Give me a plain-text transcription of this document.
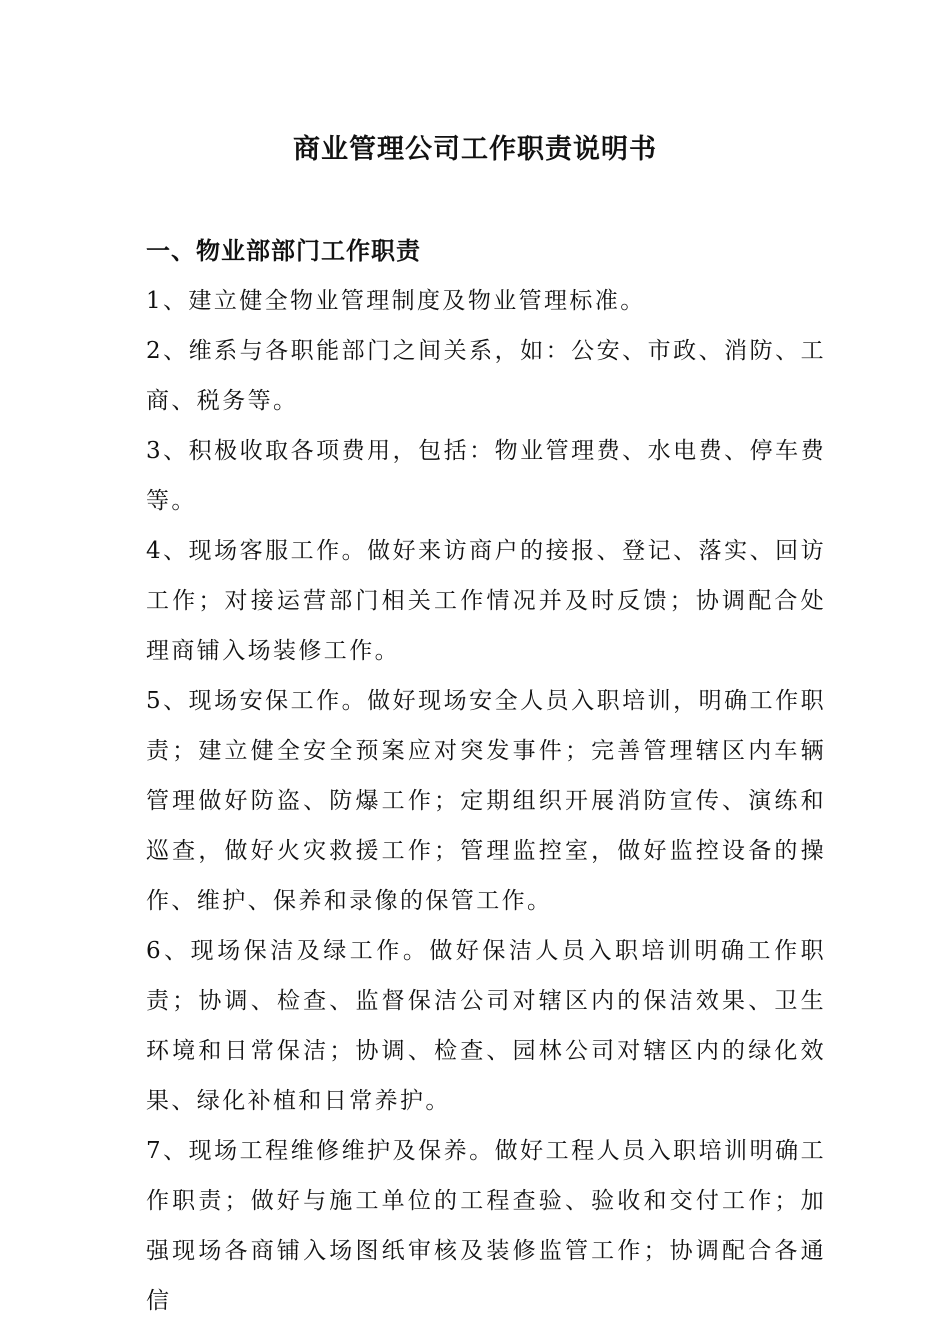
商业管理公司工作职责说明书
一、物业部部门工作职责

1、建立健全物业管理制度及物业管理标准。

2、维系与各职能部门之间关系，如：公安、市政、消防、工商、税务等。

3、积极收取各项费用，包括：物业管理费、水电费、停车费等。

4、现场客服工作。做好来访商户的接报、登记、落实、回访工作；对接运营部门相关工作情况并及时反馈；协调配合处理商铺入场装修工作。

5、现场安保工作。做好现场安全人员入职培训，明确工作职责；建立健全安全预案应对突发事件；完善管理辖区内车辆管理做好防盗、防爆工作；定期组织开展消防宣传、演练和巡查，做好火灾救援工作；管理监控室，做好监控设备的操作、维护、保养和录像的保管工作。

6、现场保洁及绿工作。做好保洁人员入职培训明确工作职责；协调、检查、监督保洁公司对辖区内的保洁效果、卫生环境和日常保洁；协调、检查、园林公司对辖区内的绿化效果、绿化补植和日常养护。

7、现场工程维修维护及保养。做好工程人员入职培训明确工作职责；做好与施工单位的工程查验、验收和交付工作；加强现场各商铺入场图纸审核及装修监管工作；协调配合各通信
